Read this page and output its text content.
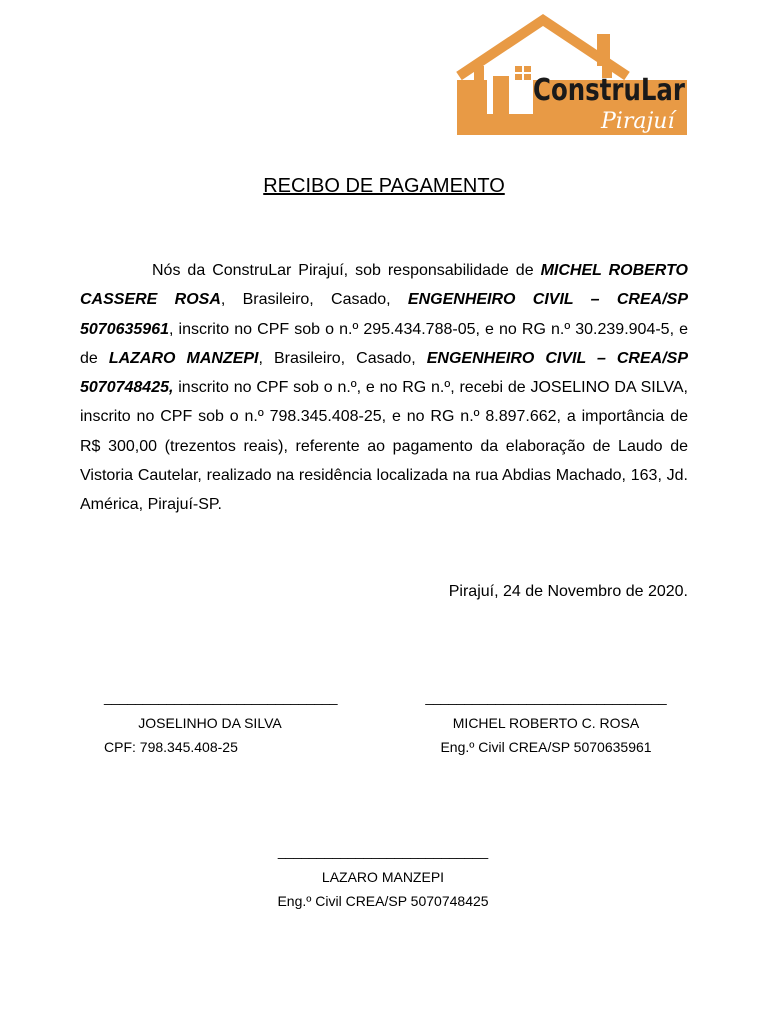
ConstruLar
Pirajuí
RECIBO DE PAGAMENTO

Nós da ConstruLar Pirajuí, sob responsabilidade de MICHEL ROBERTO CASSERE ROSA, Brasileiro, Casado, ENGENHEIRO CIVIL – CREA/SP 5070635961, inscrito no CPF sob o n.º 295.434.788-05, e no RG n.º 30.239.904-5, e de LAZARO MANZEPI, Brasileiro, Casado, ENGENHEIRO CIVIL – CREA/SP 5070748425, inscrito no CPF sob o n.º, e no RG n.º, recebi de JOSELINO DA SILVA, inscrito no CPF sob o n.º 798.345.408-25, e no RG n.º 8.897.662, a importância de R$ 300,00 (trezentos reais), referente ao pagamento da elaboração de Laudo de Vistoria Cautelar, realizado na residência localizada na rua Abdias Machado, 163, Jd. América, Pirajuí-SP.

Pirajuí, 24 de Novembro de 2020.
______________________________
JOSELINHO DA SILVA
CPF: 798.345.408-25
_______________________________
MICHEL ROBERTO C. ROSA
Eng.º Civil CREA/SP 5070635961
___________________________
LAZARO MANZEPI
Eng.º Civil CREA/SP 5070748425
